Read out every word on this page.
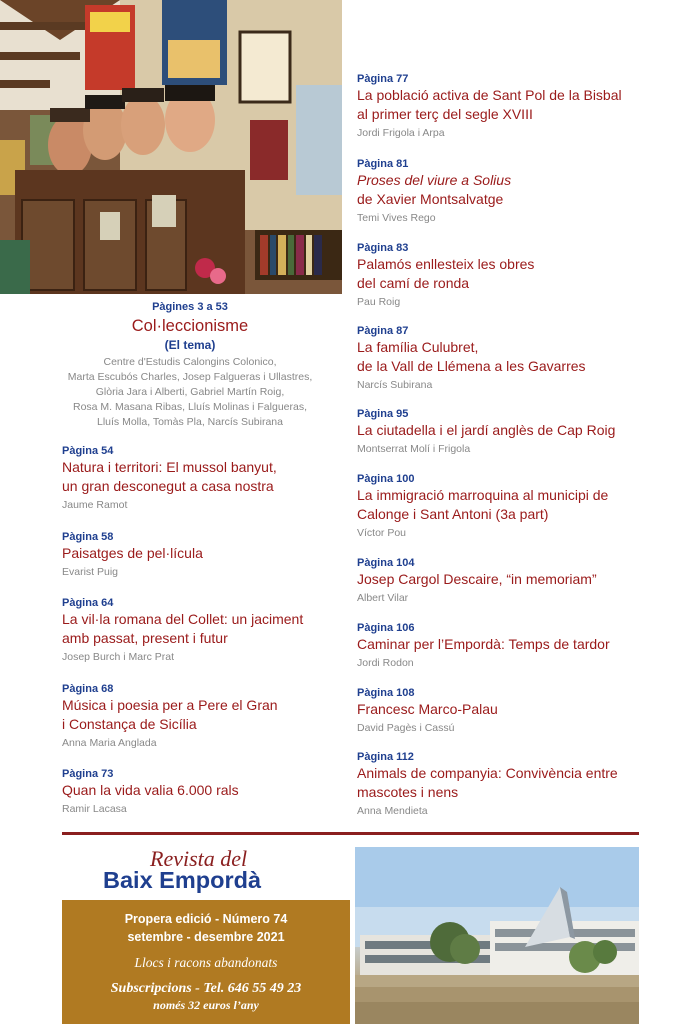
Pàgines 3 a 53
Col·leccionisme
(El tema)
Centre d'Estudis Calongins Colonico,
Marta Escubós Charles, Josep Falgueras i Ullastres,
Glòria Jara i Alberti, Gabriel Martín Roig,
Rosa M. Masana Ribas, Lluís Molinas i Falgueras,
Lluís Molla, Tomàs Pla, Narcís Subirana
Pàgina 54
Natura i territori: El mussol banyut,
un gran desconegut a casa nostra
Jaume Ramot
Pàgina 58
Paisatges de pel·lícula
Evarist Puig
Pàgina 64
La vil·la romana del Collet: un jaciment
amb passat, present i futur
Josep Burch i Marc Prat
Pàgina 68
Música i poesia per a Pere el Gran
i Constança de Sicília
Anna Maria Anglada
Pàgina 73
Quan la vida valia 6.000 rals
Ramir Lacasa
Pàgina 77
La població activa de Sant Pol de la Bisbal
al primer terç del segle XVIII
Jordi Frigola i Arpa
Pàgina 81
Proses del viure a Solius
de Xavier Montsalvatge
Temi Vives Rego
Pàgina 83
Palamós enllesteix les obres
del camí de ronda
Pau Roig
Pàgina 87
La família Culubret,
de la Vall de Llémena a les Gavarres
Narcís Subirana
Pàgina 95
La ciutadella i el jardí anglès de Cap Roig
Montserrat Molí i Frigola
Pàgina 100
La immigració marroquina al municipi de
Calonge i Sant Antoni (3a part)
Víctor Pou
Pàgina 104
Josep Cargol Descaire, “in memoriam”
Albert Vilar
Pàgina 106
Caminar per l’Empordà: Temps de tardor
Jordi Rodon
Pàgina 108
Francesc Marco-Palau
David Pagès i Cassú
Pàgina 112
Animals de companyia: Convivència entre
mascotes i nens
Anna Mendieta
Revista del
Baix Empordà
Propera edició - Número 74
setembre - desembre 2021
Llocs i racons abandonats
Subscripcions - Tel. 646 55 49 23
només 32 euros l’any
